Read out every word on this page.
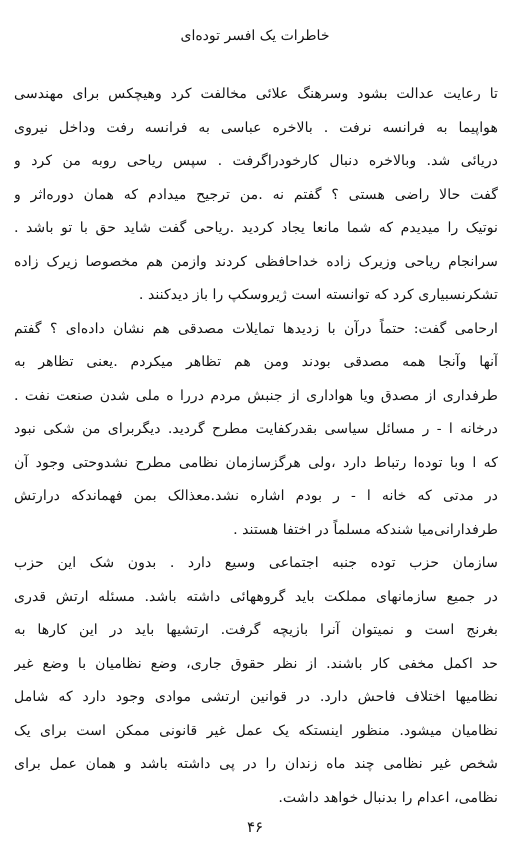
خاطرات یک افسر توده‌ای
تا رعایت عدالت بشود وسرهنگ علائی مخالفت کرد وهیچکس برای مهندسی
هواپیما به فرانسه نرفت . بالاخره عباسی به فرانسه رفت وداخل نیروی
دریائی شد. وبالاخره دنبال کارخودراگرفت . سپس ریاحی روبه من کرد و
گفت حالا راضی هستی ؟ گفتم نه .من ترجیح میدادم که همان دوره‌اثر و
نوتیک را میدیدم که شما مانعا یجاد کردید .ریاحی گفت شاید حق با تو باشد .
سرانجام ریاحی وزیرک زاده خداحافظی کردند وازمن هم مخصوصا زیرک زاده
تشکرنسبیاری کرد که توانسته است ژیروسکپ را باز دیدکنند .
ارحامی گفت: حتماً درآن با زدیدها تمایلات مصدقی هم نشان داده‌ای ؟ گفتم
آنها وآنجا همه مصدقی بودند ومن هم تظاهر میکردم .یعنی تظاهر به
طرفداری از مصدق ویا هواداری از جنبش مردم دررا ه ملی شدن صنعت نفت .
درخانه ا - ر مسائل سیاسی بقدرکفایت مطرح گردید. دیگربرای من شکی نبود
که ا وبا توده‌ا رتباط دارد ،ولی هرگزسازمان نظامی مطرح نشدوحتی وجود آن
در مدتی که خانه ا - ر بودم اشاره نشد.معذالک بمن فهماندکه درارتش
طرفدارانی‌میا شندکه مسلماً در اختفا هستند .
سازمان حزب توده جنبه اجتماعی وسیع دارد . بدون شک این حزب
در جمیع سازمانهای مملکت باید گروههائی داشته باشد. مسئله ارتش قدری
بغرنج است و نمیتوان آنرا بازیچه گرفت. ارتشیها باید در این کارها به
حد اکمل مخفی کار باشند. از نظر حقوق جاری، وضع نظامیان با وضع غیر
نظامیها اختلاف فاحش دارد. در قوانین ارتشی موادی وجود دارد که شامل
نظامیان میشود. منظور اینستکه یک عمل غیر قانونی ممکن است برای یک
شخص غیر نظامی چند ماه زندان را در پی داشته باشد و همان عمل برای
نظامی، اعدام را بدنبال خواهد داشت.
۴۶
